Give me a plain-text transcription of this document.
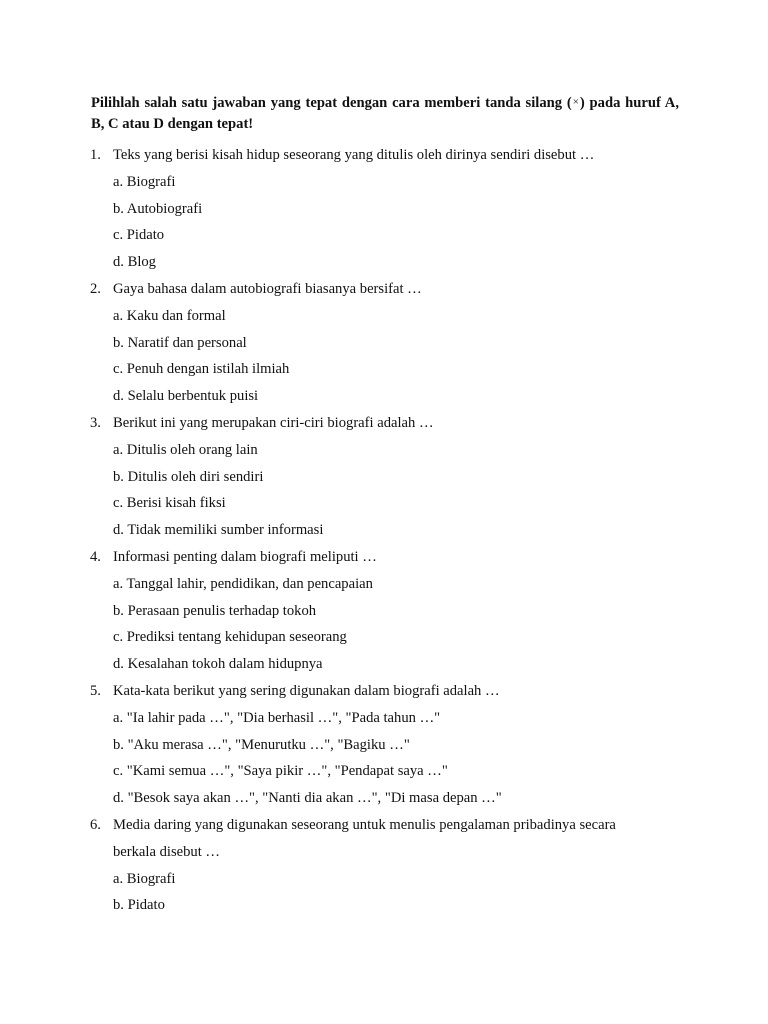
Pilihlah salah satu jawaban yang tepat dengan cara memberi tanda silang (×) pada huruf A, B, C atau D dengan tepat!
1. Teks yang berisi kisah hidup seseorang yang ditulis oleh dirinya sendiri disebut …
a. Biografi
b. Autobiografi
c. Pidato
d. Blog
2. Gaya bahasa dalam autobiografi biasanya bersifat …
a. Kaku dan formal
b. Naratif dan personal
c. Penuh dengan istilah ilmiah
d. Selalu berbentuk puisi
3. Berikut ini yang merupakan ciri-ciri biografi adalah …
a. Ditulis oleh orang lain
b. Ditulis oleh diri sendiri
c. Berisi kisah fiksi
d. Tidak memiliki sumber informasi
4. Informasi penting dalam biografi meliputi …
a. Tanggal lahir, pendidikan, dan pencapaian
b. Perasaan penulis terhadap tokoh
c. Prediksi tentang kehidupan seseorang
d. Kesalahan tokoh dalam hidupnya
5. Kata-kata berikut yang sering digunakan dalam biografi adalah …
a. "Ia lahir pada …", "Dia berhasil …", "Pada tahun …"
b. "Aku merasa …", "Menurutku …", "Bagiku …"
c. "Kami semua …", "Saya pikir …", "Pendapat saya …"
d. "Besok saya akan …", "Nanti dia akan …", "Di masa depan …"
6. Media daring yang digunakan seseorang untuk menulis pengalaman pribadinya secara
berkala disebut …
a. Biografi
b. Pidato
